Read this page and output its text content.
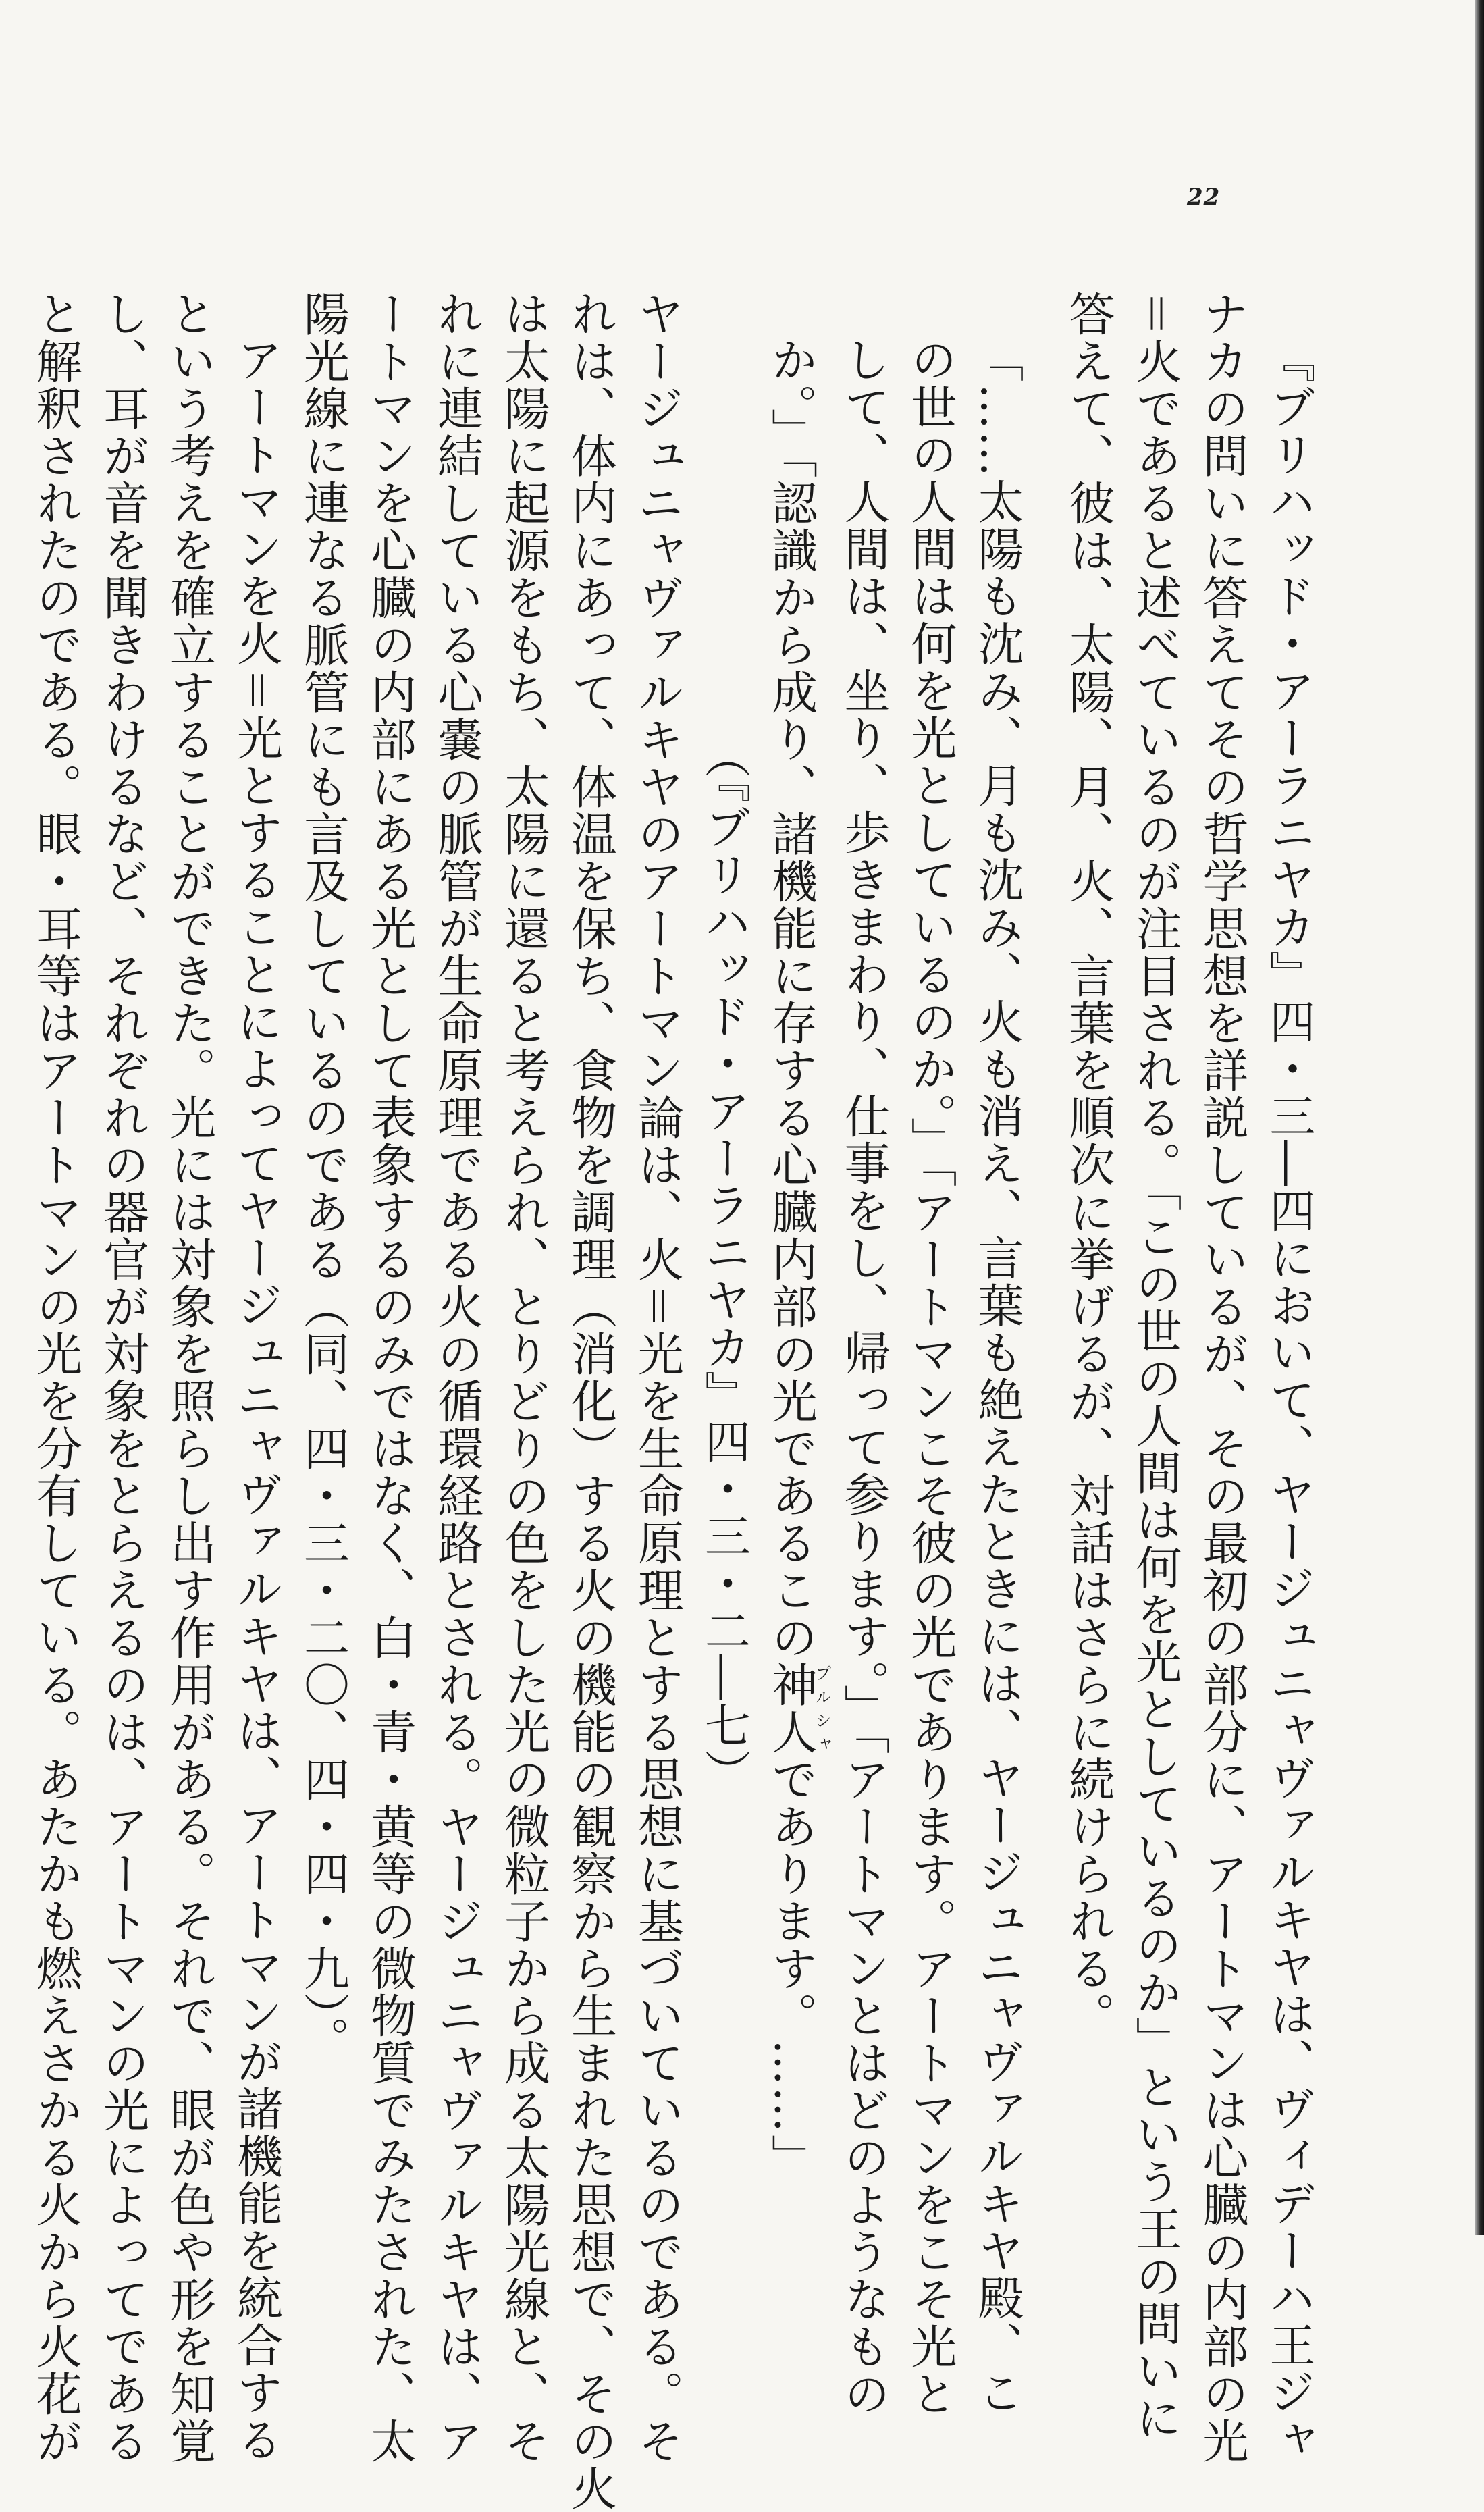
22
『ブリハッド・アーラニヤカ』四・三―四において、ヤージュニャヴァルキヤは、ヴィデーハ王ジャ
ナカの問いに答えてその哲学思想を詳説しているが、その最初の部分に、アートマンは心臓の内部の光
＝火であると述べているのが注目される。「この世の人間は何を光としているのか」という王の問いに
答えて、彼は、太陽、月、火、言葉を順次に挙げるが、対話はさらに続けられる。
「……太陽も沈み、月も沈み、火も消え、言葉も絶えたときには、ヤージュニャヴァルキヤ殿、こ
の世の人間は何を光としているのか。」「アートマンこそ彼の光であります。アートマンをこそ光と
して、人間は、坐り、歩きまわり、仕事をし、帰って参ります。」「アートマンとはどのようなもの
か。」「認識から成り、諸機能に存する心臓内部の光であるこの神人プルシャであります。……」
（『ブリハッド・アーラニヤカ』四・三・二―七）
ヤージュニャヴァルキヤのアートマン論は、火＝光を生命原理とする思想に基づいているのである。そ
れは、体内にあって、体温を保ち、食物を調理（消化）する火の機能の観察から生まれた思想で、その火
は太陽に起源をもち、太陽に還ると考えられ、とりどりの色をした光の微粒子から成る太陽光線と、そ
れに連結している心嚢の脈管が生命原理である火の循環経路とされる。ヤージュニャヴァルキヤは、ア
ートマンを心臓の内部にある光として表象するのみではなく、白・青・黄等の微物質でみたされた、太
陽光線に連なる脈管にも言及しているのである（同、四・三・二〇、四・四・九）。
アートマンを火＝光とすることによってヤージュニャヴァルキヤは、アートマンが諸機能を統合する
という考えを確立することができた。光には対象を照らし出す作用がある。それで、眼が色や形を知覚
し、耳が音を聞きわけるなど、それぞれの器官が対象をとらえるのは、アートマンの光によってである
と解釈されたのである。眼・耳等はアートマンの光を分有している。あたかも燃えさかる火から火花が
